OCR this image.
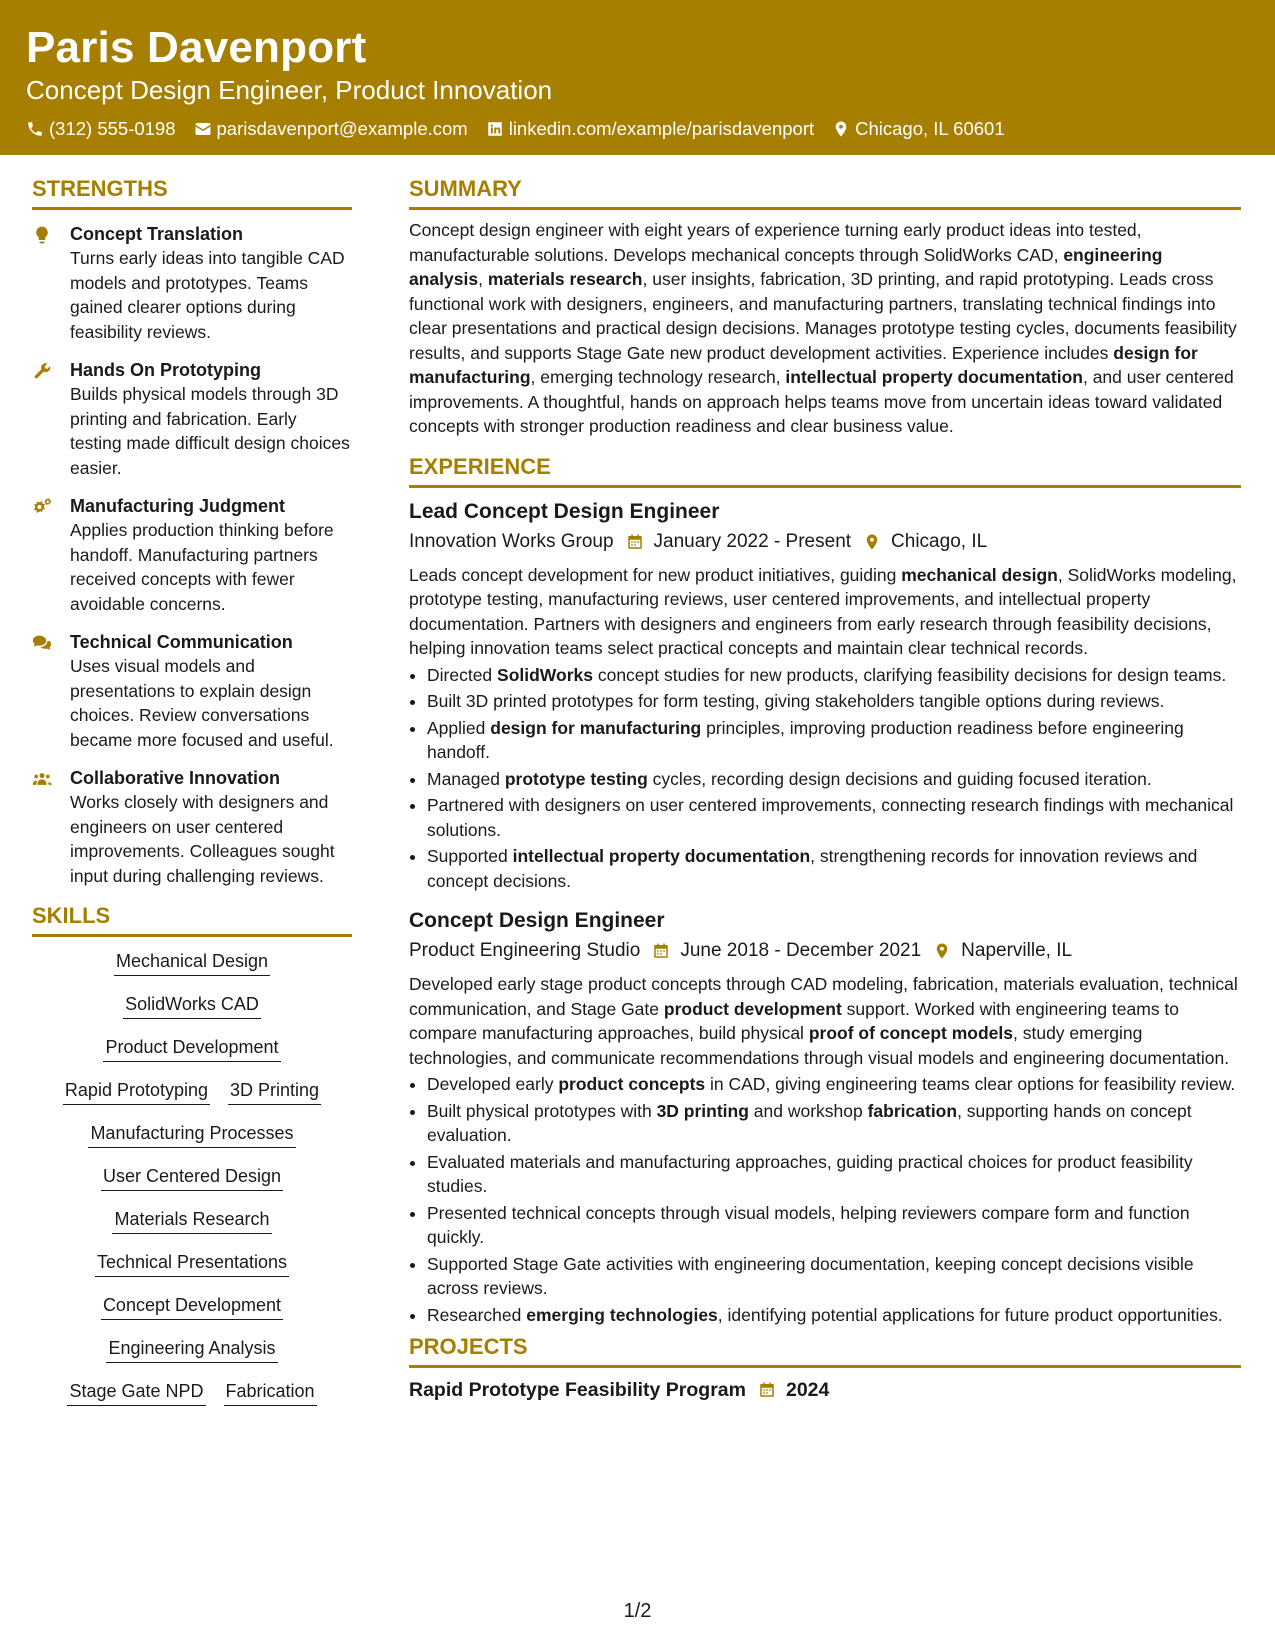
Paris Davenport
Concept Design Engineer, Product Innovation
(312) 555-0198 parisdavenport@example.com linkedin.com/example/parisdavenport Chicago, IL 60601
STRENGTHS
Concept Translation
Turns early ideas into tangible CAD models and prototypes. Teams gained clearer options during feasibility reviews.
Hands On Prototyping
Builds physical models through 3D printing and fabrication. Early testing made difficult design choices easier.
Manufacturing Judgment
Applies production thinking before handoff. Manufacturing partners received concepts with fewer avoidable concerns.
Technical Communication
Uses visual models and presentations to explain design choices. Review conversations became more focused and useful.
Collaborative Innovation
Works closely with designers and engineers on user centered improvements. Colleagues sought input during challenging reviews.
SKILLS
Mechanical Design
SolidWorks CAD
Product Development
Rapid Prototyping 3D Printing
Manufacturing Processes
User Centered Design
Materials Research
Technical Presentations
Concept Development
Engineering Analysis
Stage Gate NPD Fabrication
SUMMARY
Concept design engineer with eight years of experience turning early product ideas into tested, manufacturable solutions. Develops mechanical concepts through SolidWorks CAD, engineering analysis, materials research, user insights, fabrication, 3D printing, and rapid prototyping. Leads cross functional work with designers, engineers, and manufacturing partners, translating technical findings into clear presentations and practical design decisions. Manages prototype testing cycles, documents feasibility results, and supports Stage Gate new product development activities. Experience includes design for manufacturing, emerging technology research, intellectual property documentation, and user centered improvements. A thoughtful, hands on approach helps teams move from uncertain ideas toward validated concepts with stronger production readiness and clear business value.
EXPERIENCE
Lead Concept Design Engineer
Innovation Works Group January 2022 - Present Chicago, IL
Leads concept development for new product initiatives, guiding mechanical design, SolidWorks modeling, prototype testing, manufacturing reviews, user centered improvements, and intellectual property documentation. Partners with designers and engineers from early research through feasibility decisions, helping innovation teams select practical concepts and maintain clear technical records.
• Directed SolidWorks concept studies for new products, clarifying feasibility decisions for design teams.
• Built 3D printed prototypes for form testing, giving stakeholders tangible options during reviews.
• Applied design for manufacturing principles, improving production readiness before engineering handoff.
• Managed prototype testing cycles, recording design decisions and guiding focused iteration.
• Partnered with designers on user centered improvements, connecting research findings with mechanical solutions.
• Supported intellectual property documentation, strengthening records for innovation reviews and concept decisions.
Concept Design Engineer
Product Engineering Studio June 2018 - December 2021 Naperville, IL
Developed early stage product concepts through CAD modeling, fabrication, materials evaluation, technical communication, and Stage Gate product development support. Worked with engineering teams to compare manufacturing approaches, build physical proof of concept models, study emerging technologies, and communicate recommendations through visual models and engineering documentation.
• Developed early product concepts in CAD, giving engineering teams clear options for feasibility review.
• Built physical prototypes with 3D printing and workshop fabrication, supporting hands on concept evaluation.
• Evaluated materials and manufacturing approaches, guiding practical choices for product feasibility studies.
• Presented technical concepts through visual models, helping reviewers compare form and function quickly.
• Supported Stage Gate activities with engineering documentation, keeping concept decisions visible across reviews.
• Researched emerging technologies, identifying potential applications for future product opportunities.
PROJECTS
Rapid Prototype Feasibility Program 2024
1/2
